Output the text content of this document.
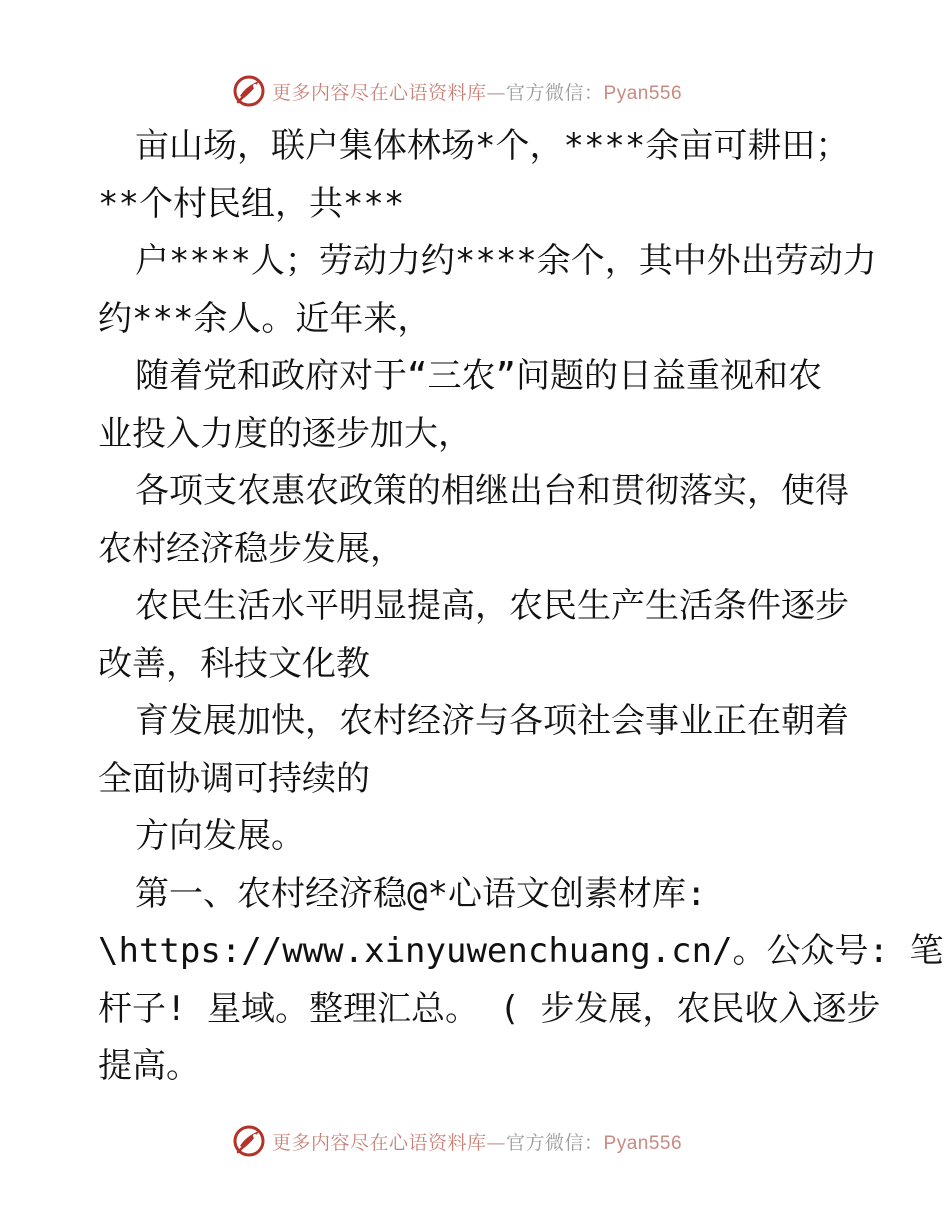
更多内容尽在心语资料库—官方微信：Pyan556

亩山场，联户集体林场*个，****余亩可耕田；

**个村民组，共***

户****人；劳动力约****余个，其中外出劳动力

约***余人。近年来，

随着党和政府对于“三农”问题的日益重视和农

业投入力度的逐步加大，

各项支农惠农政策的相继出台和贯彻落实，使得

农村经济稳步发展，

农民生活水平明显提高，农民生产生活条件逐步

改善，科技文化教

育发展加快，农村经济与各项社会事业正在朝着

全面协调可持续的

方向发展。

第一、农村经济稳@*心语文创素材库:

\https://www.xinyuwenchuang.cn/。公众号: 笔

杆子! 星域。整理汇总。 ( 步发展，农民收入逐步

提高。

更多内容尽在心语资料库—官方微信：Pyan556
